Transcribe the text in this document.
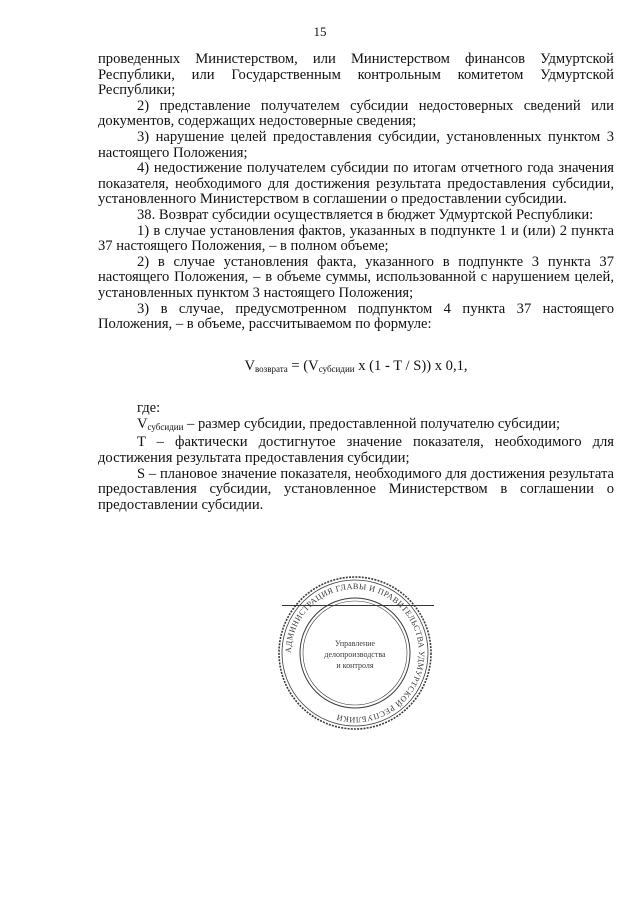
15

проведенных Министерством, или Министерством финансов Удмуртской Республики, или Государственным контрольным комитетом Удмуртской Республики;

2) представление получателем субсидии недостоверных сведений или документов, содержащих недостоверные сведения;

3) нарушение целей предоставления субсидии, установленных пунктом 3 настоящего Положения;

4) недостижение получателем субсидии по итогам отчетного года значения показателя, необходимого для достижения результата предоставления субсидии, установленного Министерством в соглашении о предоставлении субсидии.

38. Возврат субсидии осуществляется в бюджет Удмуртской Республики:

1) в случае установления фактов, указанных в подпункте 1 и (или) 2 пункта 37 настоящего Положения, – в полном объеме;

2) в случае установления факта, указанного в подпункте 3 пункта 37 настоящего Положения, – в объеме суммы, использованной с нарушением целей, установленных пунктом 3 настоящего Положения;

3) в случае, предусмотренном подпунктом 4 пункта 37 настоящего Положения, – в объеме, рассчитываемом по формуле:

$V_{возврата} = (V_{субсидии}$ x (1 - T / S)) x 0,1,

где:

$V_{субсидии}$ – размер субсидии, предоставленной получателю субсидии;

T – фактически достигнутое значение показателя, необходимого для достижения результата предоставления субсидии;

S – плановое значение показателя, необходимого для достижения результата предоставления субсидии, установленное Министерством в соглашении о предоставлении субсидии.

АДМИНИСТРАЦИЯ ГЛАВЫ И ПРАВИТЕЛЬСТВА УДМУРТСКОЙ РЕСПУБЛИКИ
Управление
делопроизводства
и контроля
